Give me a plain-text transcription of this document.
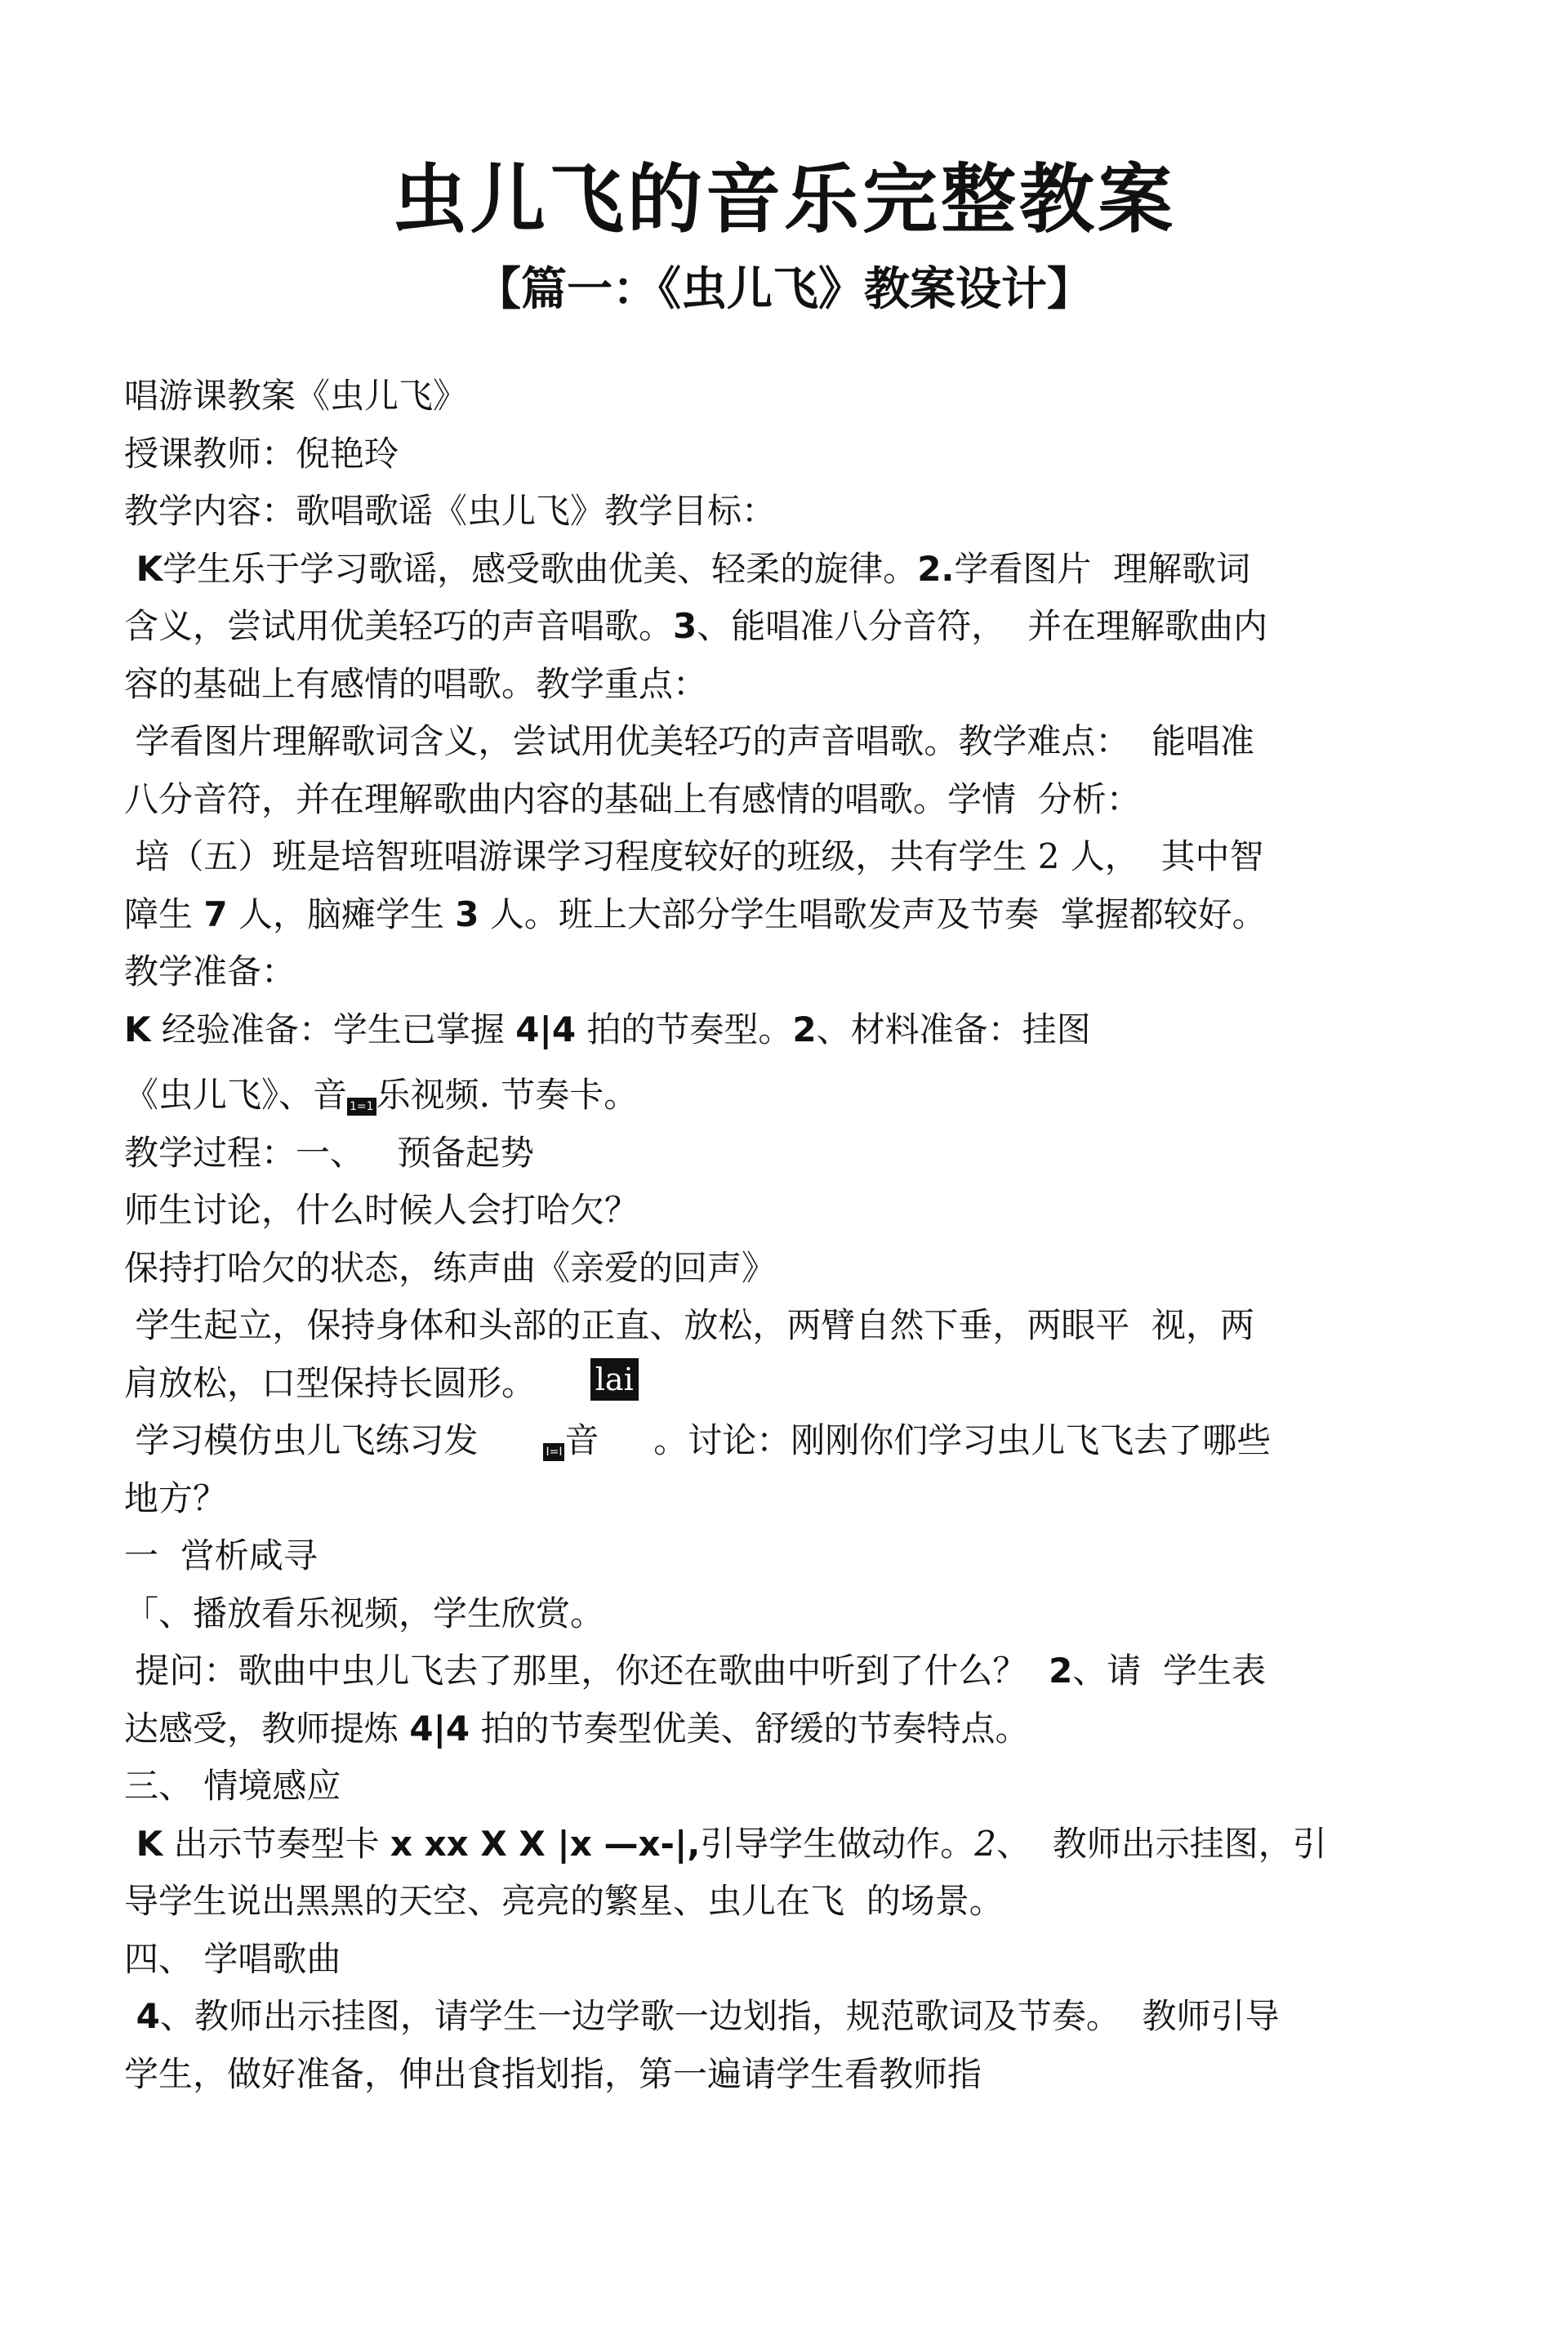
虫儿飞的音乐完整教案
【篇一：《虫儿飞》教案设计】
唱游课教案《虫儿飞》
授课教师：倪艳玲
教学内容：歌唱歌谣《虫儿飞》教学目标：
K学生乐于学习歌谣，感受歌曲优美、轻柔的旋律。2.学看图片  理解歌词
含义，尝试用优美轻巧的声音唱歌。3、能唱准八分音符，  并在理解歌曲内
容的基础上有感情的唱歌。教学重点：
学看图片理解歌词含义，尝试用优美轻巧的声音唱歌。教学难点：  能唱准
八分音符，并在理解歌曲内容的基础上有感情的唱歌。学情  分析：
培（五）班是培智班唱游课学习程度较好的班级，共有学生 2 人，  其中智
障生 7 人，脑瘫学生 3 人。班上大部分学生唱歌发声及节奏  掌握都较好。
教学准备：
K 经验准备：学生已掌握 4|4 拍的节奏型。2、材料准备：挂图
《虫儿飞》、音 1=1乐视频. 节奏卡。
教学过程：一、   预备起势
师生讨论，什么时候人会打哈欠？
保持打哈欠的状态，练声曲《亲爱的回声》
学生起立，保持身体和头部的正直、放松，两臂自然下垂，两眼平  视，两
肩放松，口型保持长圆形。     lai
学习模仿虫儿飞练习发      I=I音     。讨论：刚刚你们学习虫儿飞飞去了哪些
地方？
一  営析咸寻
「、播放看乐视频，学生欣赏。
提问：歌曲中虫儿飞去了那里，你还在歌曲中听到了什么？  2、请  学生表
达感受，教师提炼 4|4 拍的节奏型优美、舒缓的节奏特点。
三、 情境感应
K 出示节奏型卡 x xx X X |x —x-|,引导学生做动作。2、  教师出示挂图，引
导学生说出黑黑的天空、亮亮的繁星、虫儿在飞  的场景。
四、 学唱歌曲
4、教师出示挂图，请学生一边学歌一边划指，规范歌词及节奏。  教师引导
学生，做好准备，伸出食指划指，第一遍请学生看教师指
